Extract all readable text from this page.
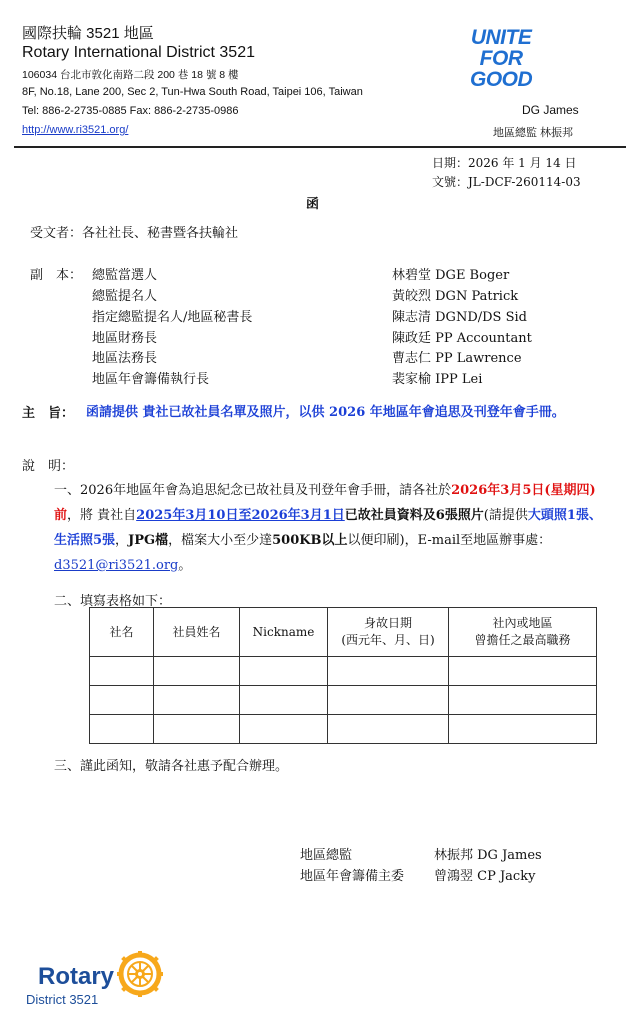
國際扶輪 3521 地區
Rotary International District 3521
106034 台北市敦化南路二段 200 巷 18 號 8 樓
8F, No.18, Lane 200, Sec 2, Tun-Hwa South Road, Taipei 106, Taiwan
Tel: 886-2-2735-0885 Fax: 886-2-2735-0986
http://www.ri3521.org/
UNITE
FOR
GOOD
DG James
地區總監 林振邦
日期：2026 年 1 月 14 日
文號：JL-DCF-260114-03
函
受文者：各社社長、秘書暨各扶輪社
副　本： 總監當選人	林碧堂 DGE Boger
總監提名人	黃皎烈 DGN Patrick
指定總監提名人/地區秘書長	陳志清 DGND/DS Sid
地區財務長	陳政廷 PP Accountant
地區法務長	曹志仁 PP Lawrence
地區年會籌備執行長	裴家榆 IPP Lei
主　旨： 函請提供 貴社已故社員名單及照片，以供 2026 年地區年會追思及刊登年會手冊。
說　明：
一、2026年地區年會為追思紀念已故社員及刊登年會手冊，請各社於2026年3月5日(星期四)前，將 貴社自2025年3月10日至2026年3月1日已故社員資料及6張照片(請提供大頭照1張、生活照5張，JPG檔，檔案大小至少達500KB以上以便印刷)，E-mail至地區辦事處：d3521@ri3521.org。
二、填寫表格如下：
社名	社員姓名	Nickname	身故日期
(西元年、月、日)	社內或地區
曾擔任之最高職務

三、謹此函知，敬請各社惠予配合辦理。
地區總監	林振邦 DG James
地區年會籌備主委 曾鴻翌 CP Jacky
Rotary
District 3521
